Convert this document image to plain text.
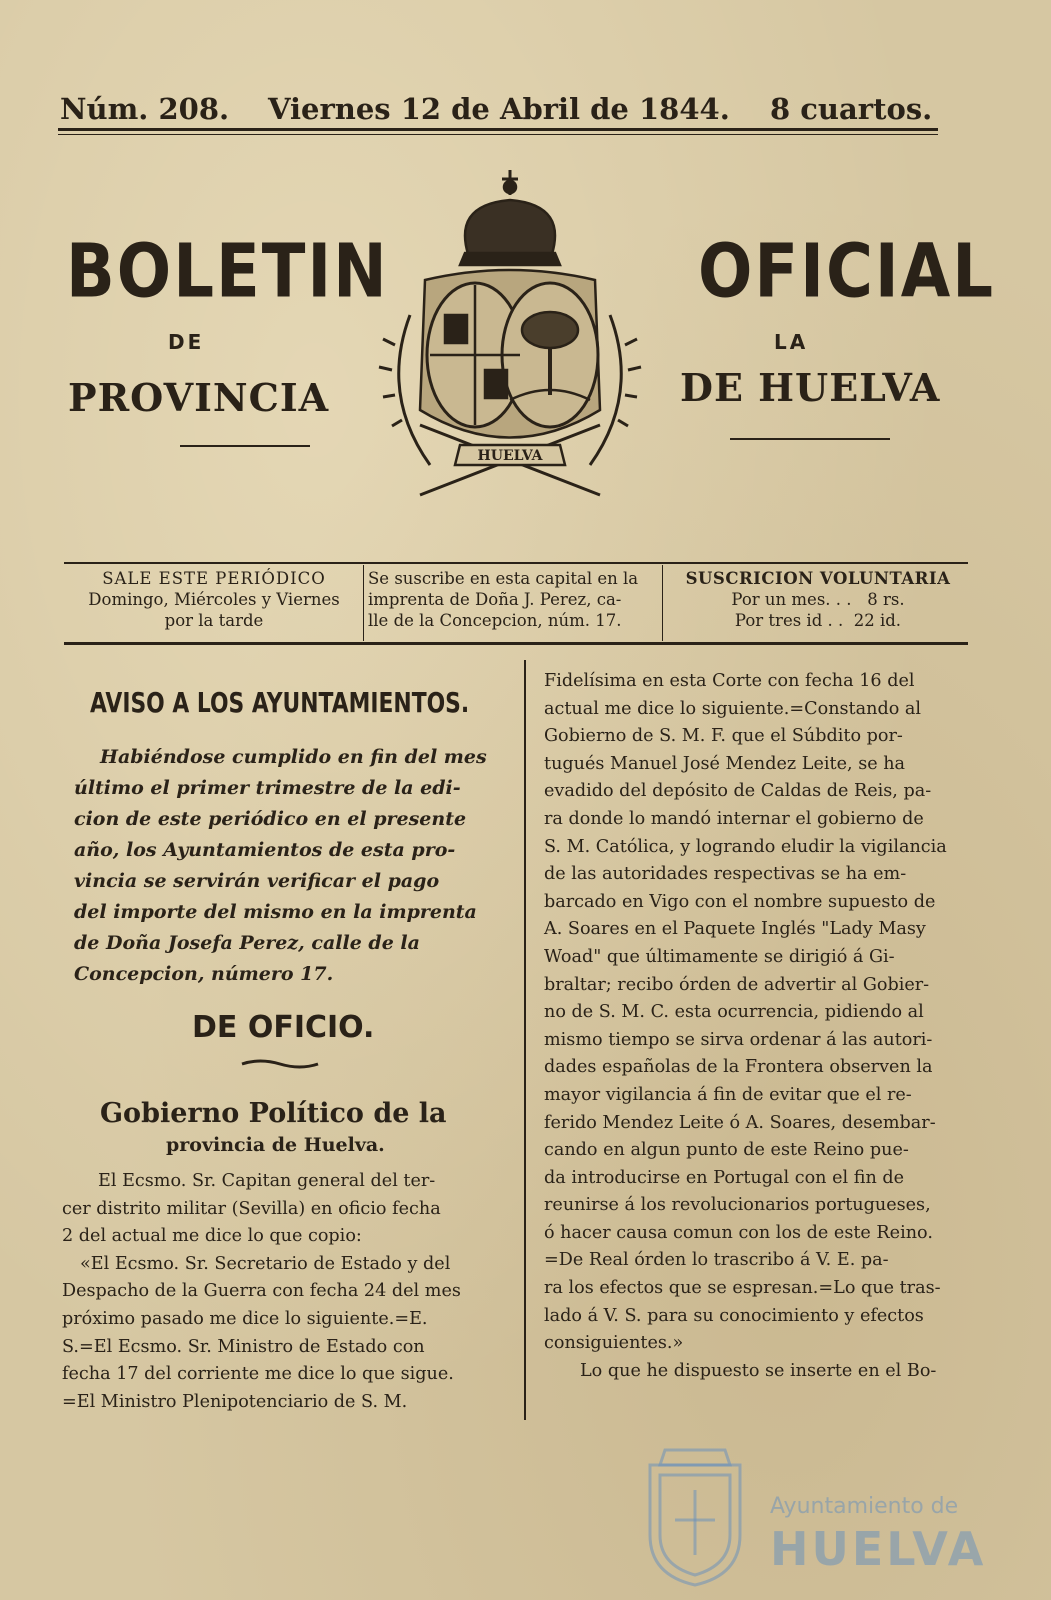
Núm. 208. Viernes 12 de Abril de 1844. 8 cuartos.
BOLETIN
DE
PROVINCIA
OFICIAL
LA
DE HUELVA
HUELVA
SALE ESTE PERIÓDICO
Domingo, Miércoles y Viernes
por la tarde
Se suscribe en esta capital en la
imprenta de Doña J. Perez, ca-
lle de la Concepcion, núm. 17.
SUSCRICION VOLUNTARIA
Por un mes. . .   8 rs.
Por tres id . .  22 id.
AVISO A LOS AYUNTAMIENTOS.
Habiéndose cumplido en fin del mes
último el primer trimestre de la edi-
cion de este periódico en el presente
año, los Ayuntamientos de esta pro-
vincia se servirán verificar el pago
del importe del mismo en la imprenta
de Doña Josefa Perez, calle de la
Concepcion, número 17.
DE OFICIO.
Gobierno Político de la
provincia de Huelva.
El Ecsmo. Sr. Capitan general del ter-
cer distrito militar (Sevilla) en oficio fecha
2 del actual me dice lo que copio:
«El Ecsmo. Sr. Secretario de Estado y del
Despacho de la Guerra con fecha 24 del mes
próximo pasado me dice lo siguiente.=E.
S.=El Ecsmo. Sr. Ministro de Estado con
fecha 17 del corriente me dice lo que sigue.
=El Ministro Plenipotenciario de S. M.
Fidelísima en esta Corte con fecha 16 del
actual me dice lo siguiente.=Constando al
Gobierno de S. M. F. que el Súbdito por-
tugués Manuel José Mendez Leite, se ha
evadido del depósito de Caldas de Reis, pa-
ra donde lo mandó internar el gobierno de
S. M. Católica, y logrando eludir la vigilancia
de las autoridades respectivas se ha em-
barcado en Vigo con el nombre supuesto de
A. Soares en el Paquete Inglés "Lady Masy
Woad" que últimamente se dirigió á Gi-
braltar; recibo órden de advertir al Gobier-
no de S. M. C. esta ocurrencia, pidiendo al
mismo tiempo se sirva ordenar á las autori-
dades españolas de la Frontera observen la
mayor vigilancia á fin de evitar que el re-
ferido Mendez Leite ó A. Soares, desembar-
cando en algun punto de este Reino pue-
da introducirse en Portugal con el fin de
reunirse á los revolucionarios portugueses,
ó hacer causa comun con los de este Reino.
=De Real órden lo trascribo á V. E. pa-
ra los efectos que se espresan.=Lo que tras-
lado á V. S. para su conocimiento y efectos
consiguientes.»
Lo que he dispuesto se inserte en el Bo-
Ayuntamiento de
HUELVA
